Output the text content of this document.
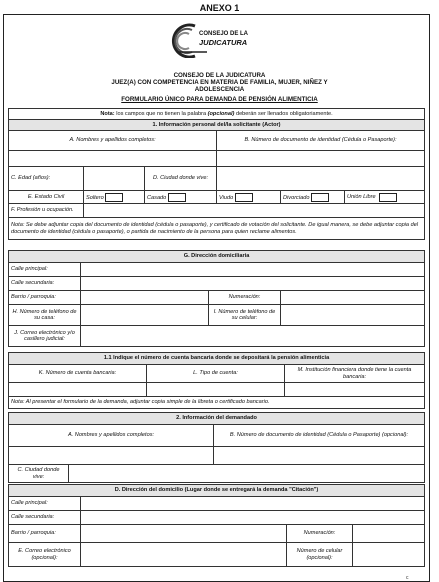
ANEXO 1
CONSEJO DE LA
JUDICATURA
CONSEJO DE LA JUDICATURA
JUEZ(A) CON COMPETENCIA EN MATERIA DE FAMILIA, MUJER, NIÑEZ Y
ADOLESCENCIA
FORMULARIO ÚNICO PARA DEMANDA DE PENSIÓN ALIMENTICIA
Nota: los campos que no tienen la palabra (opcional) deberán ser llenados obligatoriamente.					
1. Información personal del/la solicitante (Actor)					
A. Nombres y apellidos completos:			B. Número de documento de identidad (Cédula o Pasaporte):		

C. Edad (años):		D. Ciudad donde vive:			
E. Estado Civil	Soltero	Casado	Viudo	Divorciado	Unión Libre
F. Profesión u ocupación.					
Nota: Se debe adjuntar copia del documento de identidad (cédula o pasaporte), y certificado de votación del solicitante. De igual manera, se debe adjuntar copia del documento de identidad (cédula o pasaporte), o partida de nacimiento de la persona para quien reclame alimentos.					
G. Dirección domiciliaria			
Calle principal:			
Calle secundaria:			
Barrio / parroquia:		Numeración:	
H. Número de teléfono de su casa:		I. Número de teléfono de su celular:	
J. Correo electrónico y/o casillero judicial:			
1.1 Indique el número de cuenta bancaria donde se depositará la pensión alimenticia		
K. Número de cuenta bancaria:	L. Tipo de cuenta:	M. Institución financiera donde tiene la cuenta bancaria:

Nota: Al presentar el formulario de la demanda, adjuntar copia simple de la libreta o certificado bancario.		
2. Información del demandado		
A. Nombres y apellidos completos:		B. Número de documento de identidad (Cédula o Pasaporte) (opcional):

C. Ciudad donde vive:		
D. Dirección del domicilio (Lugar donde se entregará la demanda "Citación")			
Calle principal:			
Calle secundaria:			
Barrio / parroquia:		Numeración:	
E. Correo electrónico (opcional):		Número de celular (opcional):	
c
